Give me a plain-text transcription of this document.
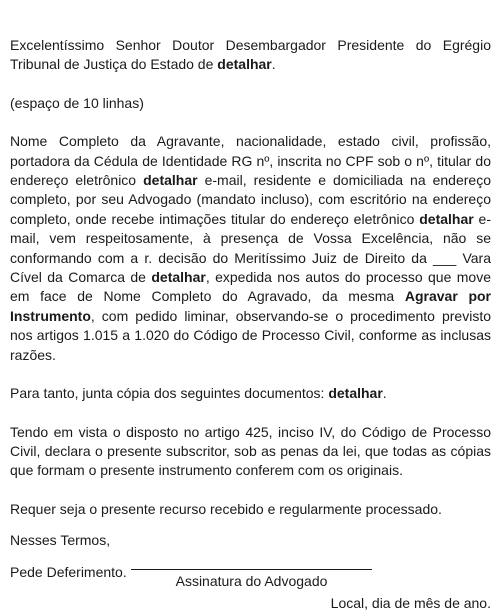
Excelentíssimo Senhor Doutor Desembargador Presidente do Egrégio Tribunal de Justiça do Estado de detalhar.

(espaço de 10 linhas)

Nome Completo da Agravante, nacionalidade, estado civil, profissão, portadora da Cédula de Identidade RG nº, inscrita no CPF sob o nº, titular do endereço eletrônico detalhar e-mail, residente e domiciliada na endereço completo, por seu Advogado (mandato incluso), com escritório na endereço completo, onde recebe intimações titular do endereço eletrônico detalhar e-mail, vem respeitosamente, à presença de Vossa Excelência, não se conformando com a r. decisão do Meritíssimo Juiz de Direito da ___ Vara Cível da Comarca de detalhar, expedida nos autos do processo que move em face de Nome Completo do Agravado, da mesma Agravar por Instrumento, com pedido liminar, observando-se o procedimento previsto nos artigos 1.015 a 1.020 do Código de Processo Civil, conforme as inclusas razões.

Para tanto, junta cópia dos seguintes documentos: detalhar.

Tendo em vista o disposto no artigo 425, inciso IV, do Código de Processo Civil, declara o presente subscritor, sob as penas da lei, que todas as cópias que formam o presente instrumento conferem com os originais.

Requer seja o presente recurso recebido e regularmente processado.

Nesses Termos,

Pede Deferimento.

Local, dia de mês de ano.

Assinatura do Advogado
